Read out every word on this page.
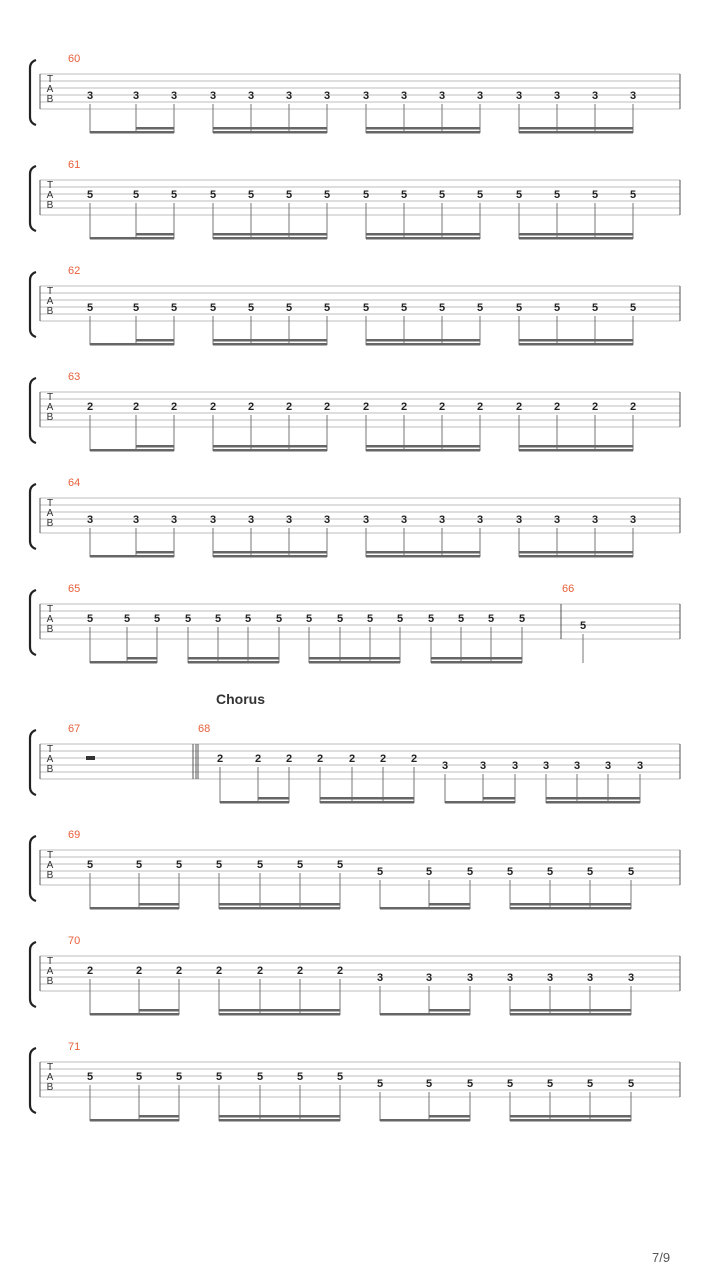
T
A
B
60
3	3	3	3	3	3	3	3	3	3	3	3	3	3	3
T
A
B
61
5	5	5	5	5	5	5	5	5	5	5	5	5	5	5
T
A
B
62
5	5	5	5	5	5	5	5	5	5	5	5	5	5	5
T
A
B
63
2	2	2	2	2	2	2	2	2	2	2	2	2	2	2
T
A
B
64
3	3	3	3	3	3	3	3	3	3	3	3	3	3	3
T
A
B
65
5	5 5 5 5 5 5 5 5 5 5 5 5 5 5
66
5
T
A
B
67	68
2	2 2 2 2 2 2
3	3 3 3 3 3 3
T
A
B
69
5	5	5	5	5	5	5
5	5	5	5	5	5	5
T
A
B
70
2	2	2	2	2	2	2
3	3	3	3	3	3	3
T
A
B
71
5	5	5	5	5	5	5
5	5	5	5	5	5	5
Chorus
7/9
